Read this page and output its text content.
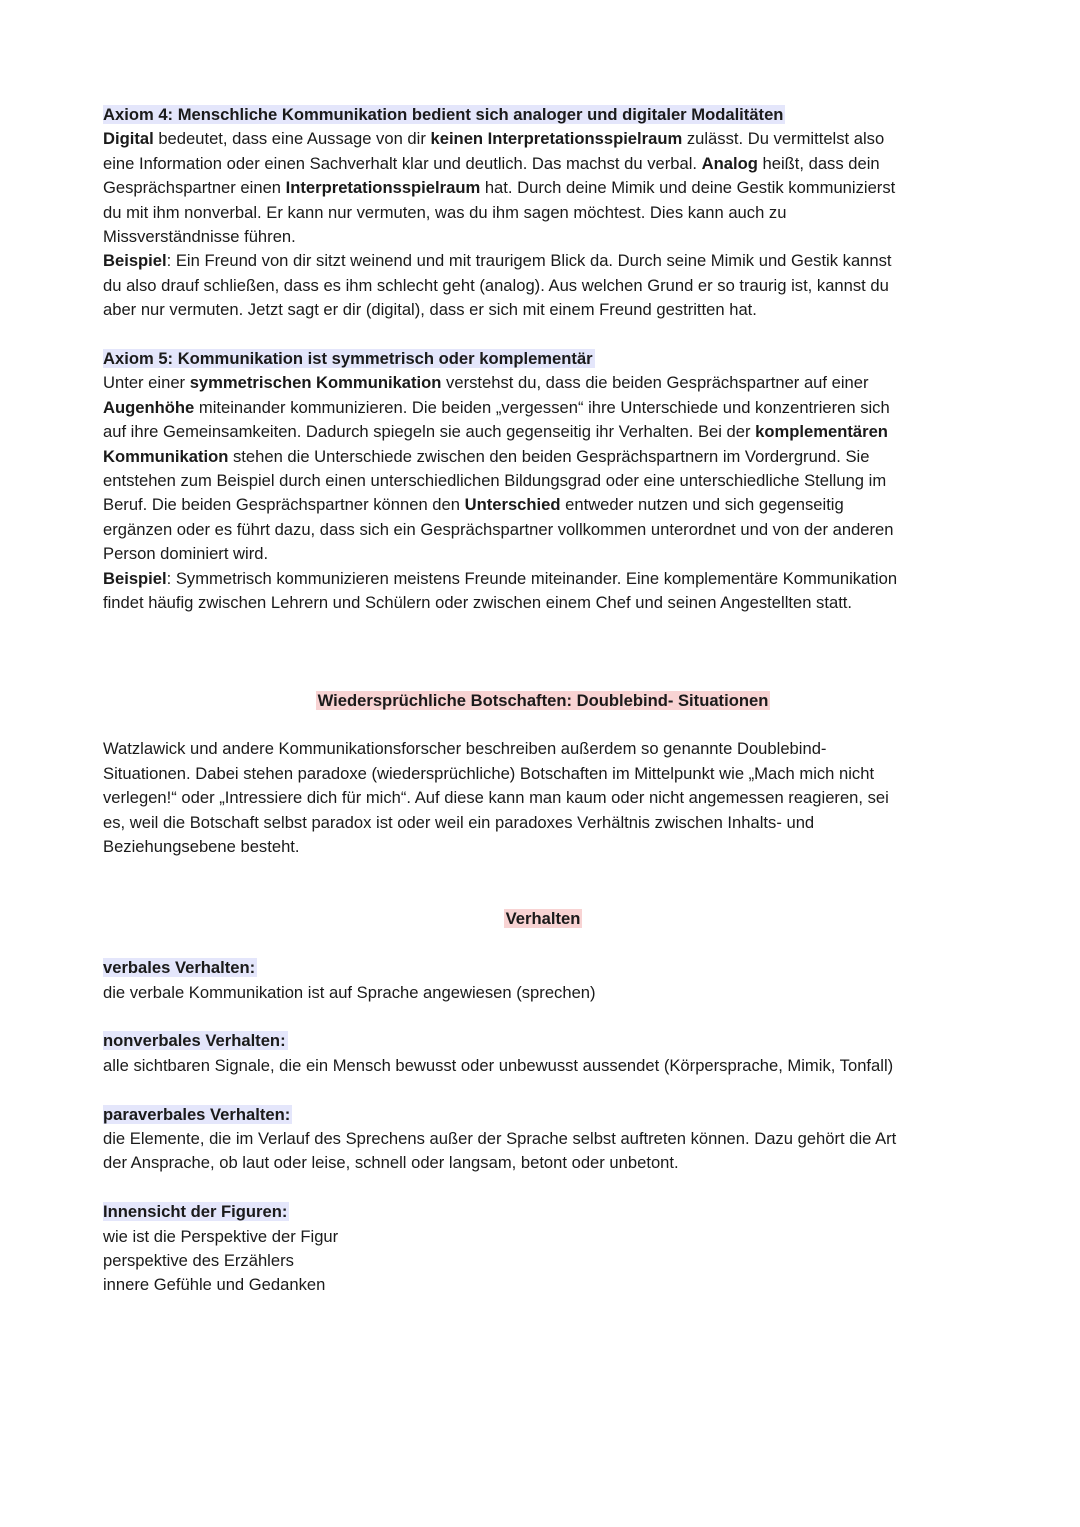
Axiom 4: Menschliche Kommunikation bedient sich analoger und digitaler Modalitäten

Digital bedeutet, dass eine Aussage von dir keinen Interpretationsspielraum zulässt. Du vermittelst also

eine Information oder einen Sachverhalt klar und deutlich. Das machst du verbal. Analog heißt, dass dein

Gesprächspartner einen Interpretationsspielraum hat. Durch deine Mimik und deine Gestik kommunizierst

du mit ihm nonverbal. Er kann nur vermuten, was du ihm sagen möchtest. Dies kann auch zu

Missverständnisse führen.

Beispiel: Ein Freund von dir sitzt weinend und mit traurigem Blick da. Durch seine Mimik und Gestik kannst

du also drauf schließen, dass es ihm schlecht geht (analog). Aus welchen Grund er so traurig ist, kannst du

aber nur vermuten. Jetzt sagt er dir (digital), dass er sich mit einem Freund gestritten hat.

Axiom 5: Kommunikation ist symmetrisch oder komplementär

Unter einer symmetrischen Kommunikation verstehst du, dass die beiden Gesprächspartner auf einer

Augenhöhe miteinander kommunizieren. Die beiden „vergessen“ ihre Unterschiede und konzentrieren sich

auf ihre Gemeinsamkeiten. Dadurch spiegeln sie auch gegenseitig ihr Verhalten. Bei der komplementären

Kommunikation stehen die Unterschiede zwischen den beiden Gesprächspartnern im Vordergrund. Sie

entstehen zum Beispiel durch einen unterschiedlichen Bildungsgrad oder eine unterschiedliche Stellung im

Beruf. Die beiden Gesprächspartner können den Unterschied entweder nutzen und sich gegenseitig

ergänzen oder es führt dazu, dass sich ein Gesprächspartner vollkommen unterordnet und von der anderen

Person dominiert wird.

Beispiel: Symmetrisch kommunizieren meistens Freunde miteinander. Eine komplementäre Kommunikation

findet häufig zwischen Lehrern und Schülern oder zwischen einem Chef und seinen Angestellten statt.

Wiedersprüchliche Botschaften: Doublebind- Situationen

Watzlawick und andere Kommunikationsforscher beschreiben außerdem so genannte Doublebind-

Situationen. Dabei stehen paradoxe (wiedersprüchliche) Botschaften im Mittelpunkt wie „Mach mich nicht

verlegen!“ oder „Intressiere dich für mich“. Auf diese kann man kaum oder nicht angemessen reagieren, sei

es, weil die Botschaft selbst paradox ist oder weil ein paradoxes Verhältnis zwischen Inhalts- und

Beziehungsebene besteht.

Verhalten

verbales Verhalten:

die verbale Kommunikation ist auf Sprache angewiesen (sprechen)

nonverbales Verhalten:

alle sichtbaren Signale, die ein Mensch bewusst oder unbewusst aussendet (Körpersprache, Mimik, Tonfall)

paraverbales Verhalten:

die Elemente, die im Verlauf des Sprechens außer der Sprache selbst auftreten können. Dazu gehört die Art

der Ansprache, ob laut oder leise, schnell oder langsam, betont oder unbetont.

Innensicht der Figuren:

wie ist die Perspektive der Figur

perspektive des Erzählers

innere Gefühle und Gedanken
